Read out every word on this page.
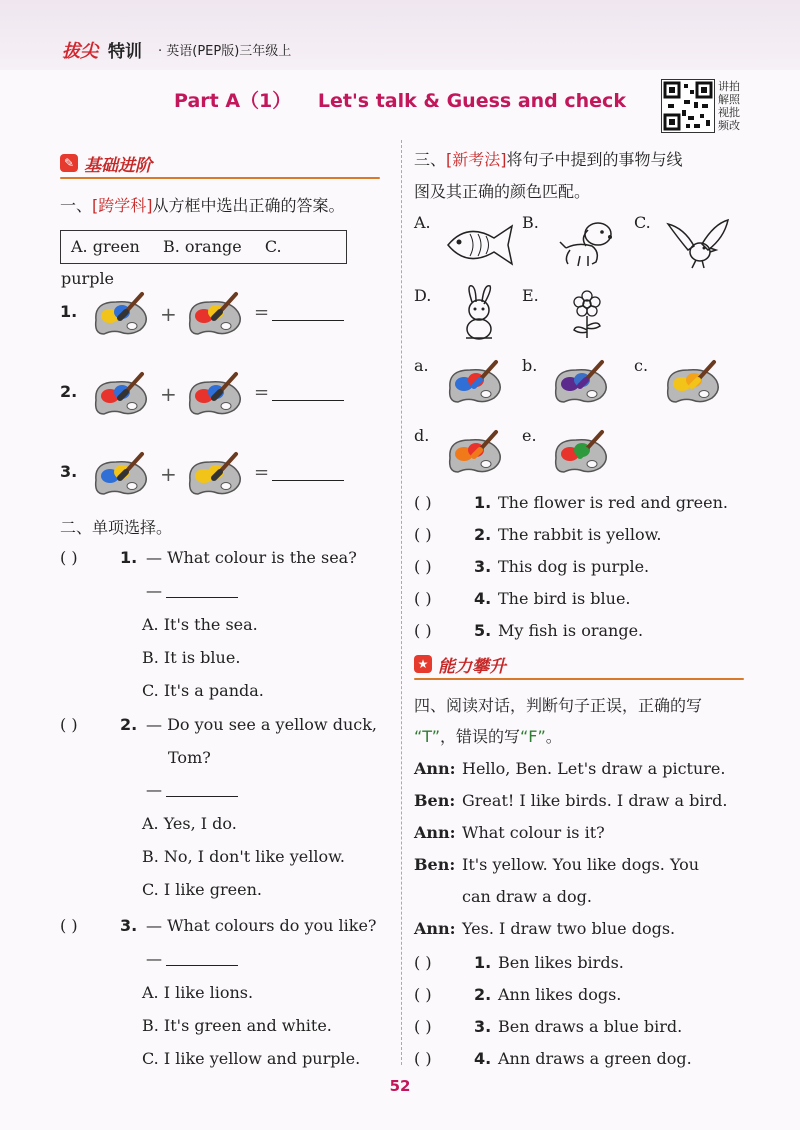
拔尖 特训 · 英语(PEP版)三年级上
Part A（1） Let's talk & Guess and check
讲拍解照视批频改
✎ 基础进阶
一、[跨学科]从方框中选出正确的答案。
A. green B. orange C. purple
1.	+	=
2.	+	=
3.	+	=
二、单项选择。
( )	1. — What colour is the sea?
—
A. It's the sea.
B. It is blue.
C. It's a panda.
( )	2. — Do you see a yellow duck,
Tom?
—
A. Yes, I do.
B. No, I don't like yellow.
C. I like green.
( )	3. — What colours do you like?
—
A. I like lions.
B. It's green and white.
C. I like yellow and purple.
三、[新考法]将句子中提到的事物与线
图及其正确的颜色匹配。
A.	B.	C.
D.	E.
a.	b.	c.
d.	e.
( )	1. The flower is red and green.
( )	2. The rabbit is yellow.
( )	3. This dog is purple.
( )	4. The bird is blue.
( )	5. My fish is orange.
★ 能力攀升
四、阅读对话，判断句子正误，正确的写
“T”，错误的写“F”。
Ann: Hello, Ben. Let's draw a picture.
Ben: Great! I like birds. I draw a bird.
Ann: What colour is it?
Ben: It's yellow. You like dogs. You
can draw a dog.
Ann: Yes. I draw two blue dogs.
( )	1. Ben likes birds.
( )	2. Ann likes dogs.
( )	3. Ben draws a blue bird.
( )	4. Ann draws a green dog.
52
